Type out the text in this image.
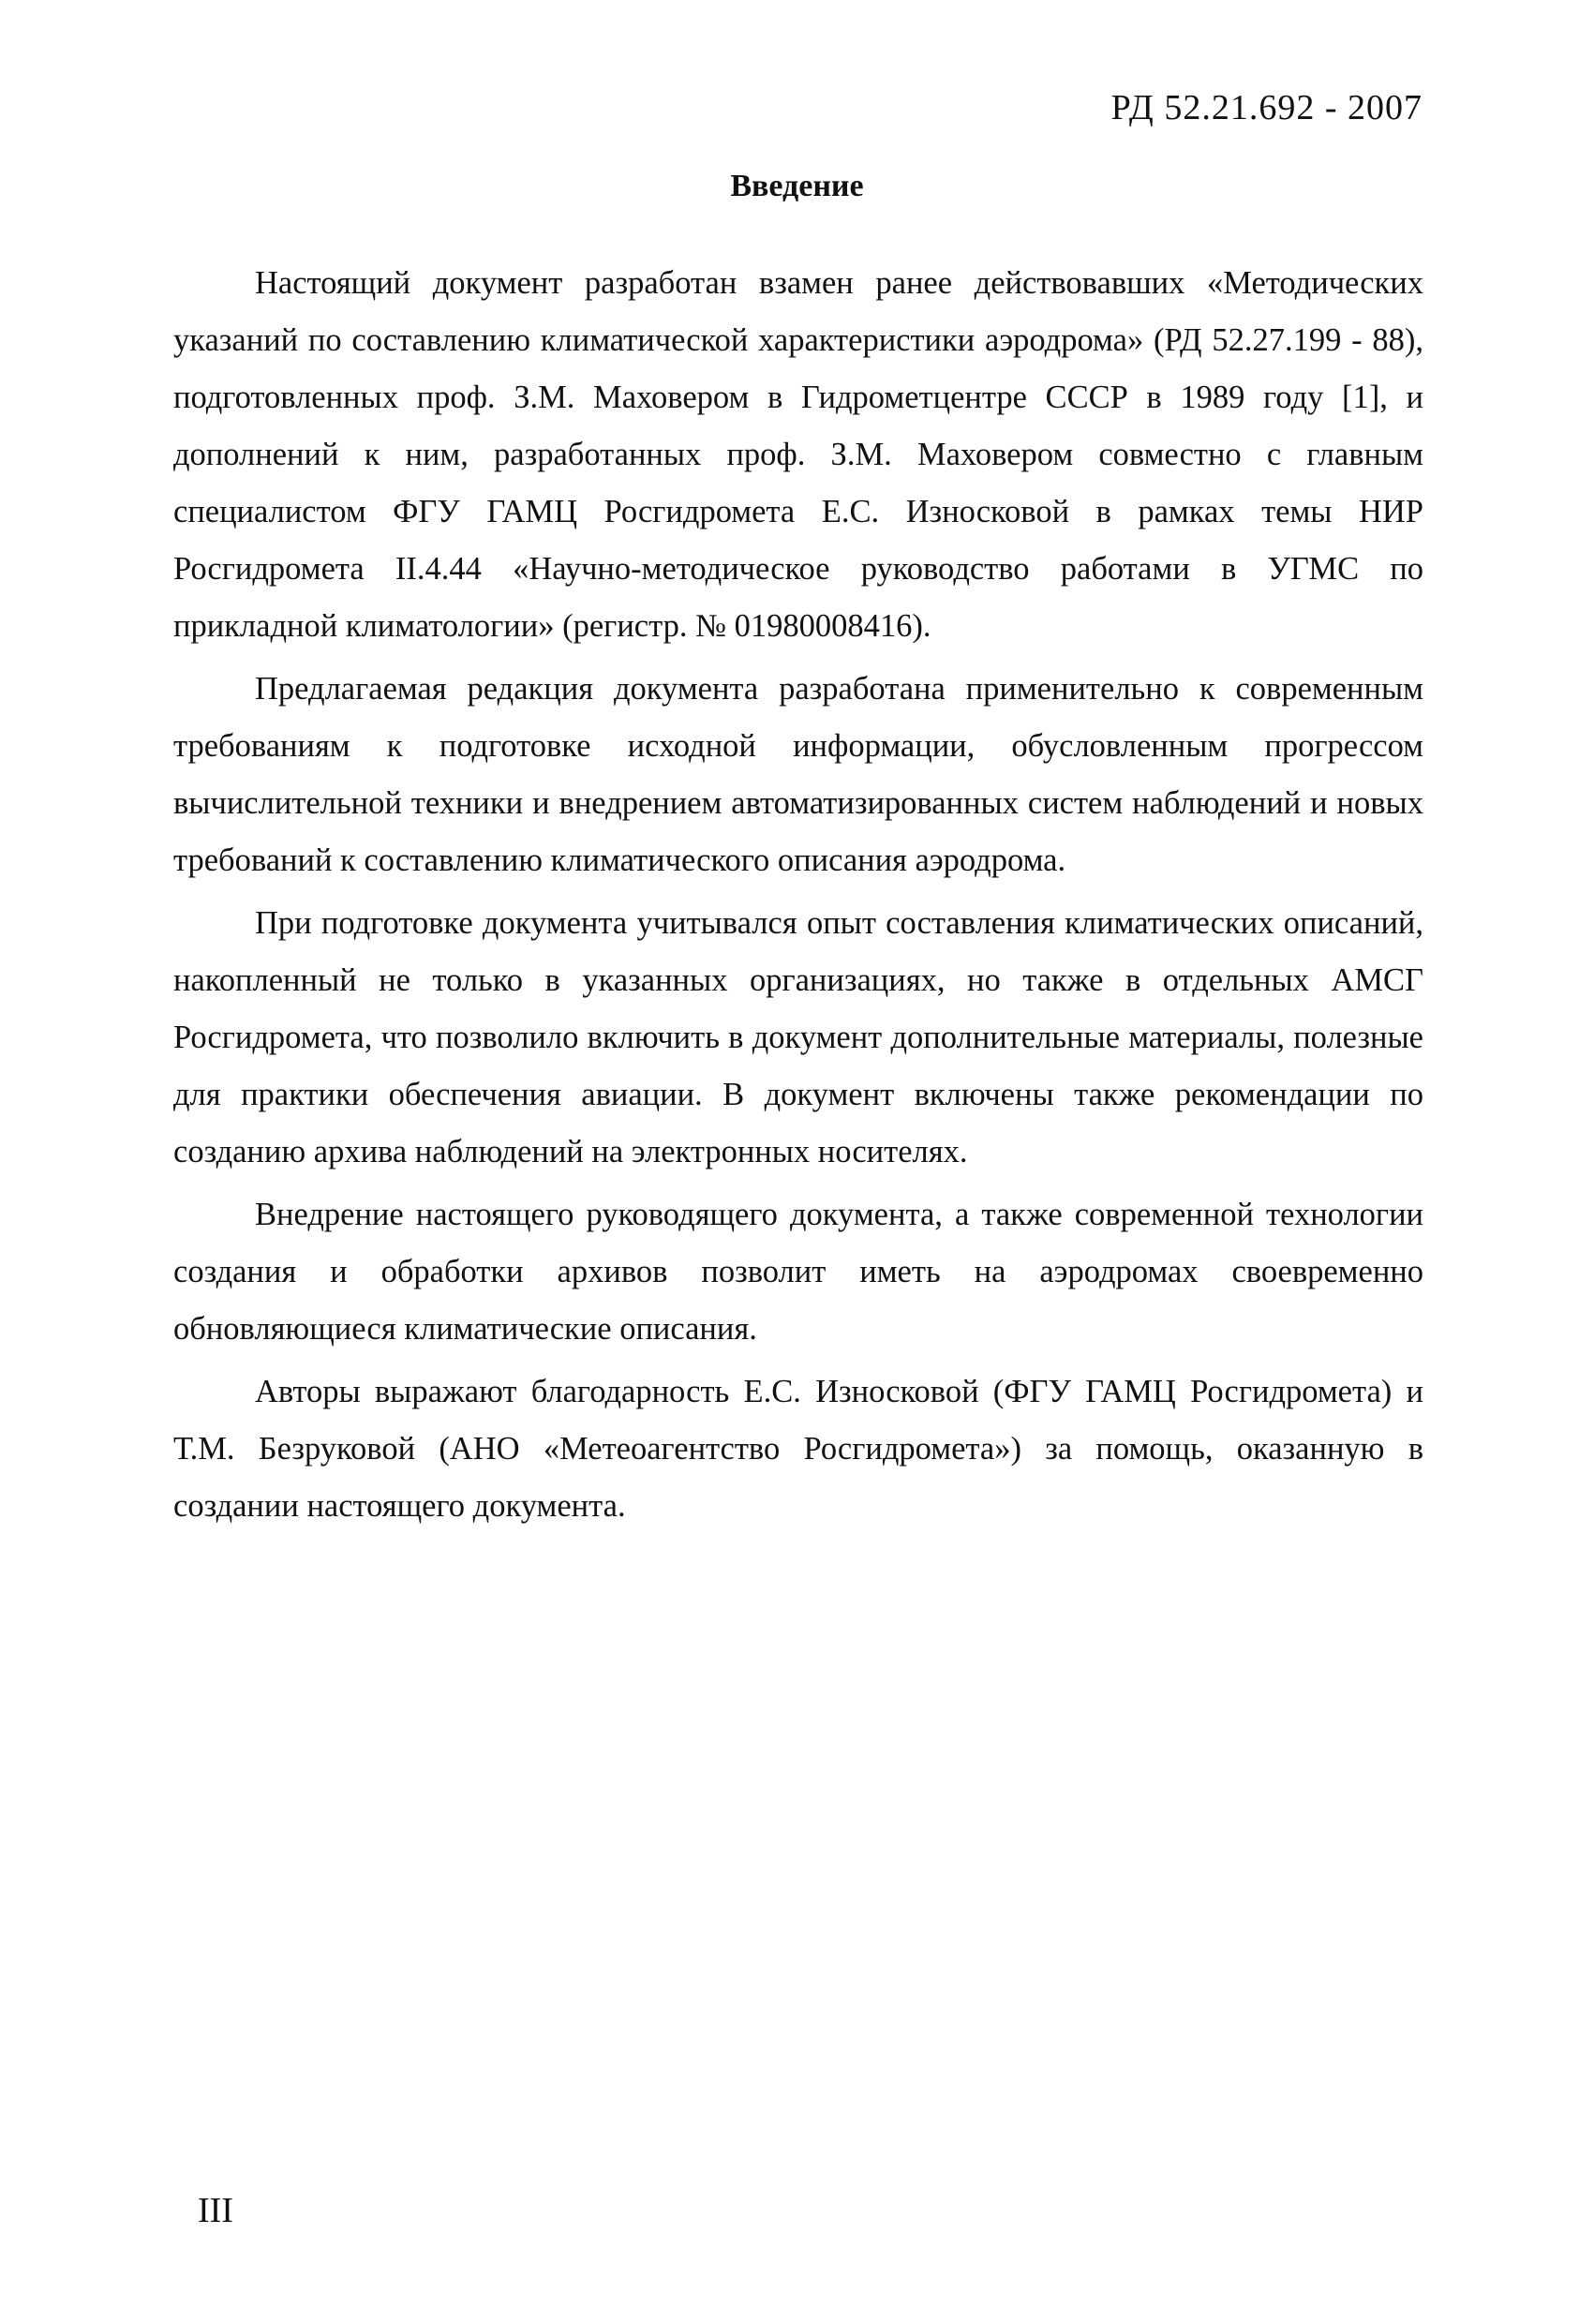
РД 52.21.692 - 2007
Введение

Настоящий документ разработан взамен ранее действовавших «Методических указаний по составлению климатической характеристики аэродрома» (РД 52.27.199 - 88), подготовленных проф. З.М. Маховером в Гидрометцентре СССР в 1989 году [1], и дополнений к ним, разработанных проф. З.М. Маховером совместно с главным специалистом ФГУ ГАМЦ Росгидромета Е.С. Износковой в рамках темы НИР Росгидромета II.4.44 «Научно-методическое руководство работами в УГМС по прикладной климатологии» (регистр. № 01980008416).

Предлагаемая редакция документа разработана применительно к современным требованиям к подготовке исходной информации, обусловленным прогрессом вычислительной техники и внедрением автоматизированных систем наблюдений и новых требований к составлению климатического описания аэродрома.

При подготовке документа учитывался опыт составления климатических описаний, накопленный не только в указанных организациях, но также в отдельных АМСГ Росгидромета, что позволило включить в документ дополнительные материалы, полезные для практики обеспечения авиации. В документ включены также рекомендации по созданию архива наблюдений на электронных носителях.

Внедрение настоящего руководящего документа, а также современной технологии создания и обработки архивов позволит иметь на аэродромах своевременно обновляющиеся климатические описания.

Авторы выражают благодарность Е.С. Износковой (ФГУ ГАМЦ Росгидромета) и Т.М. Безруковой (АНО «Метеоагентство Росгидромета») за помощь, оказанную в создании настоящего документа.

III
